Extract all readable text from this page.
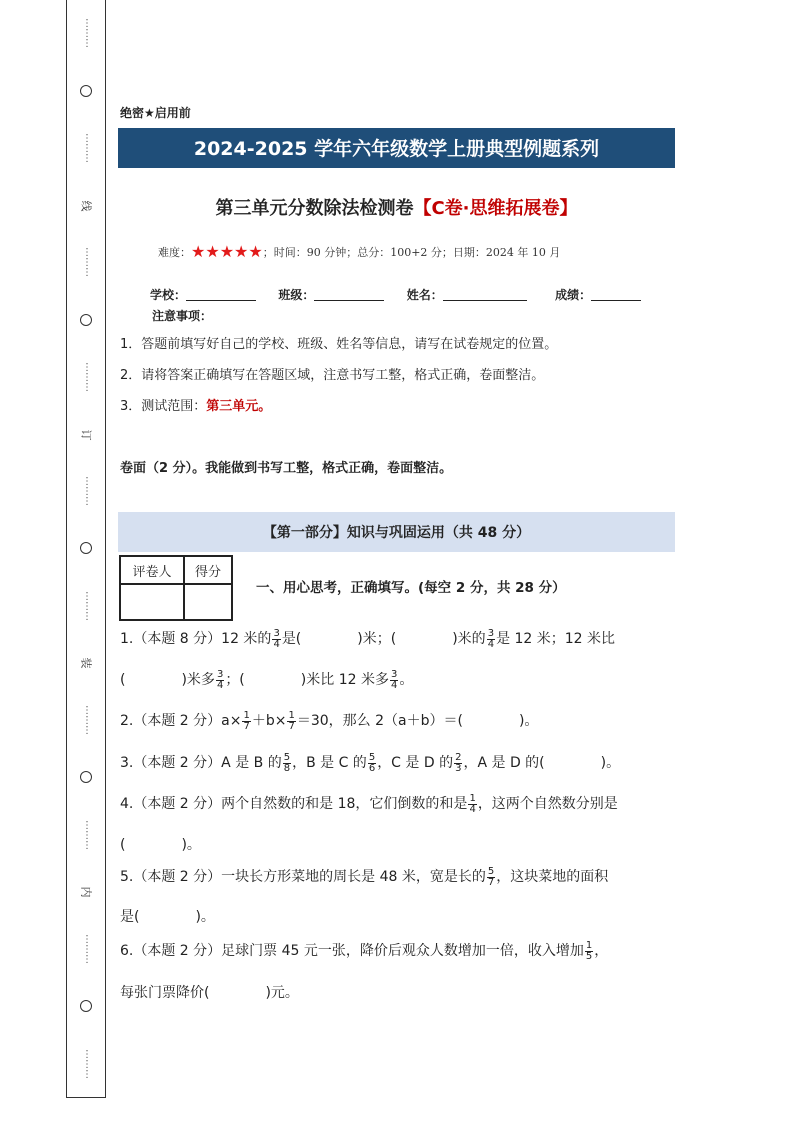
⋯⋯⋯
⋯⋯⋯
线
⋯⋯⋯
⋯⋯⋯
订
⋯⋯⋯
⋯⋯⋯
装
⋯⋯⋯
⋯⋯⋯
内
⋯⋯⋯
⋯⋯⋯
绝密★启用前
2024-2025 学年六年级数学上册典型例题系列
第三单元分数除法检测卷【C卷·思维拓展卷】
难度：★★★★★；时间：90 分钟；总分：100+2 分；日期：2024 年 10 月
学校：	班级：	姓名：	成绩：
注意事项：
1．答题前填写好自己的学校、班级、姓名等信息，请写在试卷规定的位置。
2．请将答案正确填写在答题区域，注意书写工整，格式正确，卷面整洁。
3．测试范围：第三单元。
卷面（2 分）。我能做到书写工整，格式正确，卷面整洁。
【第一部分】知识与巩固运用（共 48 分）
评卷人	得分

一、用心思考，正确填写。(每空 2 分，共 28 分）
1.（本题 8 分）12 米的 $\frac{3}{4}$ 是(	)米；(	)米的 $\frac{3}{4}$ 是 12 米；12 米比
(	)米多 $\frac{3}{4}$ ；(	)米比 12 米多 $\frac{3}{4}$ 。
2.（本题 2 分）$a\times \frac{1}{7} +b\times \frac{1}{7} =30$，那么 2（a＋b）＝(	)。
3.（本题 2 分）A 是 B 的 $\frac{5}{8}$ ，B 是 C 的 $\frac{5}{6}$ ，C 是 D 的 $\frac{2}{3}$ ，A 是 D 的(	)。
4.（本题 2 分）两个自然数的和是 18，它们倒数的和是 $\frac{1}{4}$ ，这两个自然数分别是
(	)。
5.（本题 2 分）一块长方形菜地的周长是 48 米，宽是长的 $\frac{5}{7}$ ，这块菜地的面积
是(	)。
6.（本题 2 分）足球门票 45 元一张，降价后观众人数增加一倍，收入增加 $\frac{1}{5}$ ，
每张门票降价(	)元。
